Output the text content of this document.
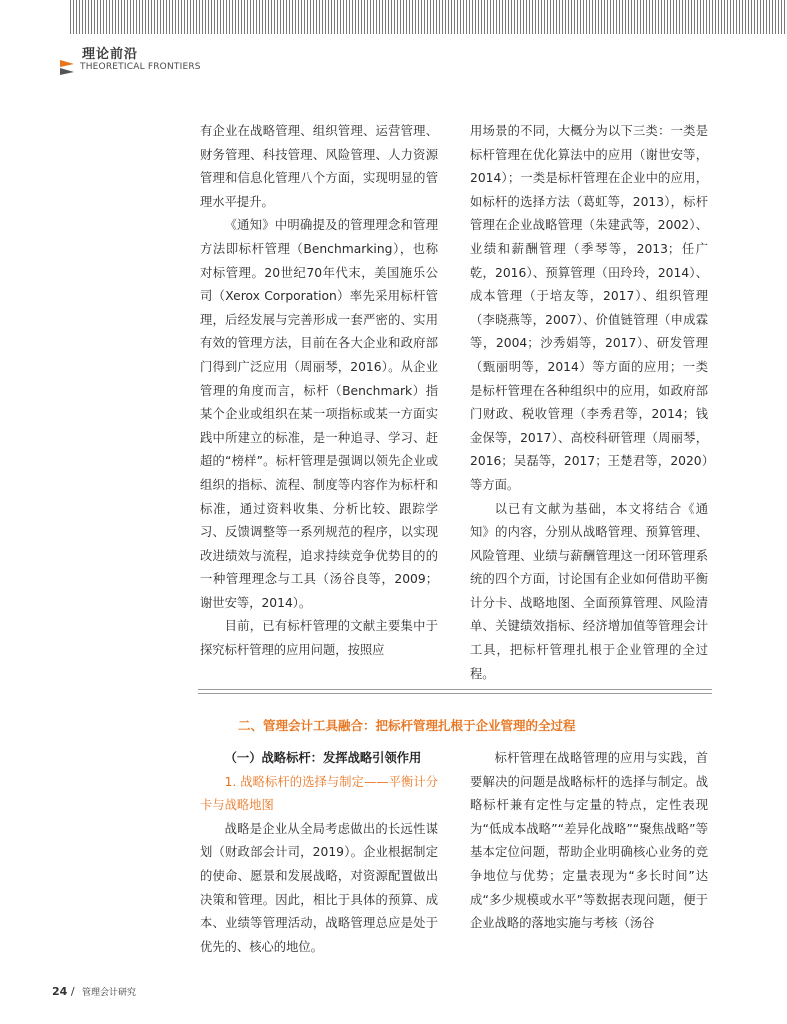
理论前沿
THEORETICAL FRONTIERS

有企业在战略管理、组织管理、运营管理、财务管理、科技管理、风险管理、人力资源管理和信息化管理八个方面，实现明显的管理水平提升。

《通知》中明确提及的管理理念和管理方法即标杆管理（Benchmarking），也称对标管理。20世纪70年代末，美国施乐公司（Xerox Corporation）率先采用标杆管理，后经发展与完善形成一套严密的、实用有效的管理方法，目前在各大企业和政府部门得到广泛应用（周丽琴，2016）。从企业管理的角度而言，标杆（Benchmark）指某个企业或组织在某一项指标或某一方面实践中所建立的标准，是一种追寻、学习、赶超的“榜样”。标杆管理是强调以领先企业或组织的指标、流程、制度等内容作为标杆和标准，通过资料收集、分析比较、跟踪学习、反馈调整等一系列规范的程序，以实现改进绩效与流程，追求持续竞争优势目的的一种管理理念与工具（汤谷良等，2009；谢世安等，2014）。

目前，已有标杆管理的文献主要集中于探究标杆管理的应用问题，按照应

用场景的不同，大概分为以下三类：一类是标杆管理在优化算法中的应用（谢世安等，2014）；一类是标杆管理在企业中的应用，如标杆的选择方法（葛虹等，2013），标杆管理在企业战略管理（朱建武等，2002）、业绩和薪酬管理（季琴等，2013；任广乾，2016）、预算管理（田玲玲，2014）、成本管理（于培友等，2017）、组织管理（李晓燕等，2007）、价值链管理（申成霖等，2004；沙秀娟等，2017）、研发管理（甄丽明等，2014）等方面的应用；一类是标杆管理在各种组织中的应用，如政府部门财政、税收管理（李秀君等，2014；钱金保等，2017）、高校科研管理（周丽琴，2016；吴磊等，2017；王楚君等，2020）等方面。

以已有文献为基础，本文将结合《通知》的内容，分别从战略管理、预算管理、风险管理、业绩与薪酬管理这一闭环管理系统的四个方面，讨论国有企业如何借助平衡计分卡、战略地图、全面预算管理、风险清单、关键绩效指标、经济增加值等管理会计工具，把标杆管理扎根于企业管理的全过程。

二、管理会计工具融合：把标杆管理扎根于企业管理的全过程

（一）战略标杆：发挥战略引领作用

1. 战略标杆的选择与制定——平衡计分卡与战略地图

战略是企业从全局考虑做出的长远性谋划（财政部会计司，2019）。企业根据制定的使命、愿景和发展战略，对资源配置做出决策和管理。因此，相比于具体的预算、成本、业绩等管理活动，战略管理总应是处于优先的、核心的地位。

标杆管理在战略管理的应用与实践，首要解决的问题是战略标杆的选择与制定。战略标杆兼有定性与定量的特点，定性表现为“低成本战略”“差异化战略”“聚焦战略”等基本定位问题，帮助企业明确核心业务的竞争地位与优势；定量表现为“多长时间”达成“多少规模或水平”等数据表现问题，便于企业战略的落地实施与考核（汤谷

24 / 管理会计研究
